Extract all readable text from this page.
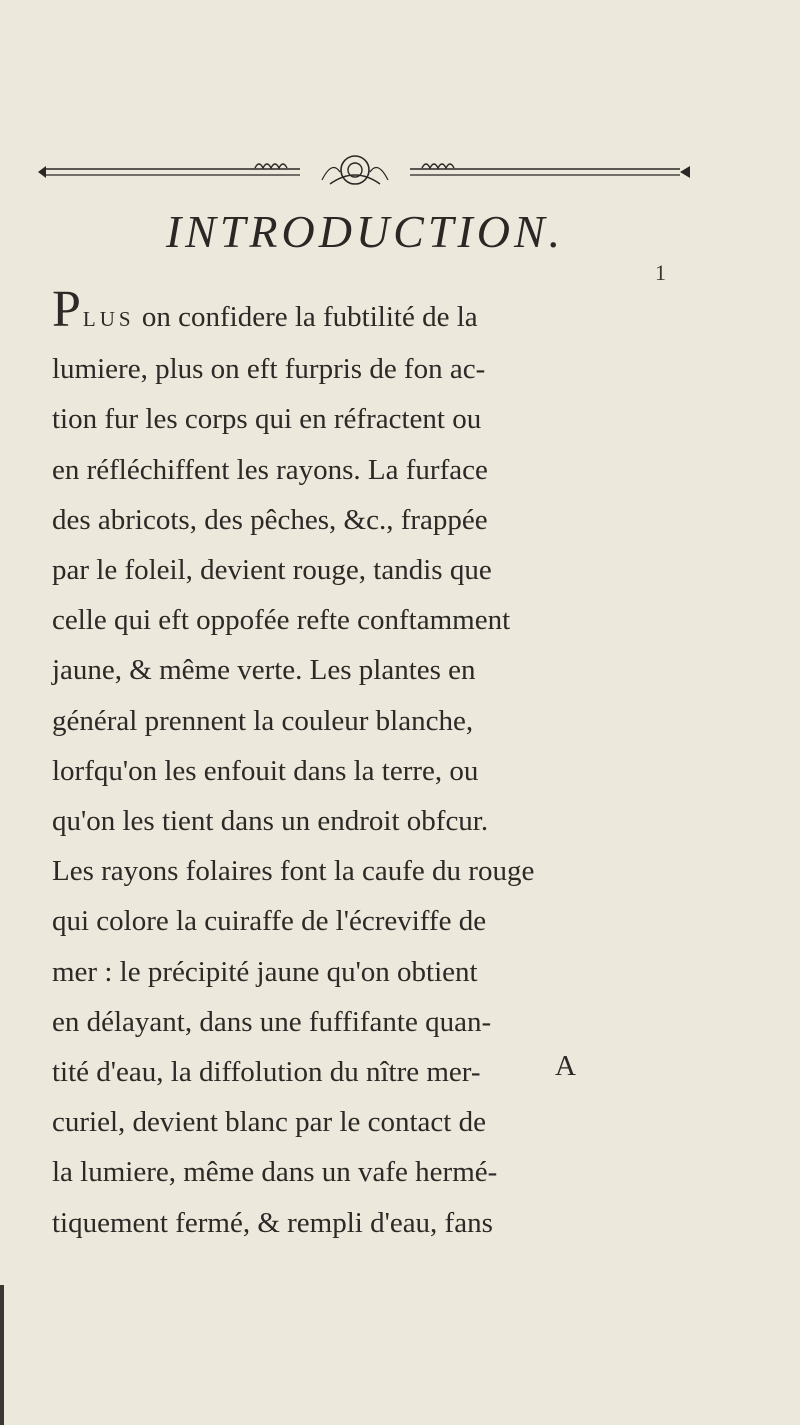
1
INTRODUCTION.

PLUS on confidere la fubtilité de la
lumiere, plus on eft furpris de fon ac-
tion fur les corps qui en réfractent ou
en réfléchiffent les rayons. La furface
des abricots, des pêches, &c., frappée
par le foleil, devient rouge, tandis que
celle qui eft oppofée refte conftamment
jaune, & même verte. Les plantes en
général prennent la couleur blanche,
lorfqu'on les enfouit dans la terre, ou
qu'on les tient dans un endroit obfcur.
Les rayons folaires font la caufe du rouge
qui colore la cuiraffe de l'écreviffe de
mer : le précipité jaune qu'on obtient
en délayant, dans une fuffifante quan-
tité d'eau, la diffolution du nître mer-
curiel, devient blanc par le contact de
la lumiere, même dans un vafe hermé-
tiquement fermé, & rempli d'eau, fans

A
